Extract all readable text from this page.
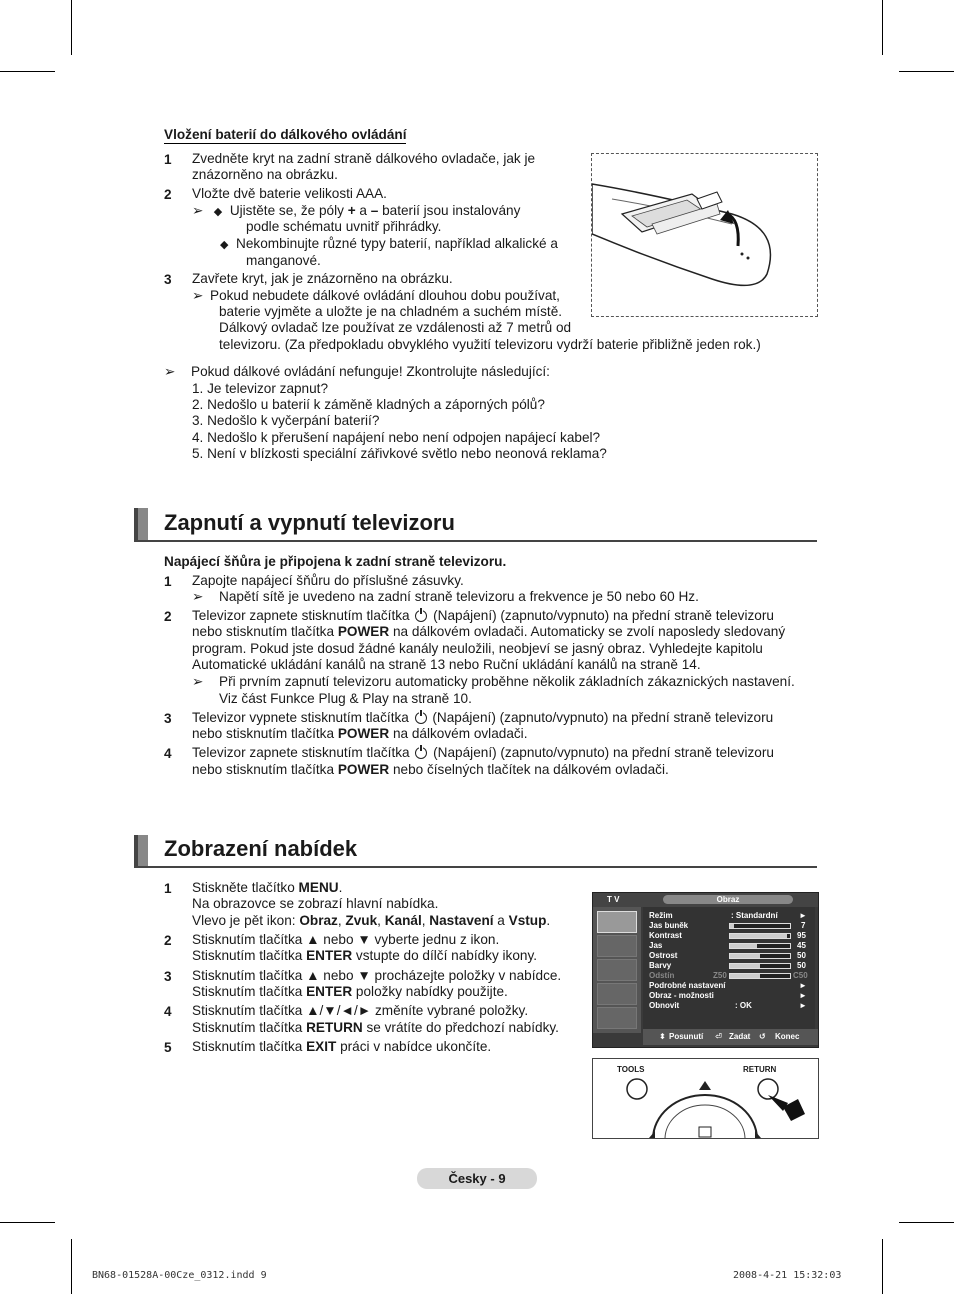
Vložení baterií do dálkového ovládání
1 Zvedněte kryt na zadní straně dálkového ovladače, jak je
znázorněno na obrázku.
2 Vložte dvě baterie velikosti AAA.
➢ ◆ Ujistěte se, že póly + a – baterií jsou instalovány
podle schématu uvnitř přihrádky.
◆ Nekombinujte různé typy baterií, například alkalické a
manganové.
3 Zavřete kryt, jak je znázorněno na obrázku.
➢ Pokud nebudete dálkové ovládání dlouhou dobu používat,
baterie vyjměte a uložte je na chladném a suchém místě.
Dálkový ovladač lze používat ze vzdálenosti až 7 metrů od
televizoru. (Za předpokladu obvyklého využití televizoru vydrží baterie přibližně jeden rok.)
➢ Pokud dálkové ovládání nefunguje! Zkontrolujte následující:
1. Je televizor zapnut?
2. Nedošlo u baterií k záměně kladných a záporných pólů?
3. Nedošlo k vyčerpání baterií?
4. Nedošlo k přerušení napájení nebo není odpojen napájecí kabel?
5. Není v blízkosti speciální zářivkové světlo nebo neonová reklama?
Zapnutí a vypnutí televizoru
Napájecí šňůra je připojena k zadní straně televizoru.
1 Zapojte napájecí šňůru do příslušné zásuvky.
➢ Napětí sítě je uvedeno na zadní straně televizoru a frekvence je 50 nebo 60 Hz.
2 Televizor zapnete stisknutím tlačítka  (Napájení) (zapnuto/vypnuto) na přední straně televizoru
nebo stisknutím tlačítka POWER na dálkovém ovladači. Automaticky se zvolí naposledy sledovaný
program. Pokud jste dosud žádné kanály neuložili, neobjeví se jasný obraz. Vyhledejte kapitolu
Automatické ukládání kanálů na straně 13 nebo Ruční ukládání kanálů na straně 14.
➢ Při prvním zapnutí televizoru automaticky proběhne několik základních zákaznických nastavení.
Viz část Funkce Plug & Play na straně 10.
3 Televizor vypnete stisknutím tlačítka  (Napájení) (zapnuto/vypnuto) na přední straně televizoru
nebo stisknutím tlačítka POWER na dálkovém ovladači.
4 Televizor zapnete stisknutím tlačítka  (Napájení) (zapnuto/vypnuto) na přední straně televizoru
nebo stisknutím tlačítka POWER nebo číselných tlačítek na dálkovém ovladači.
Zobrazení nabídek
1 Stiskněte tlačítko MENU.
Na obrazovce se zobrazí hlavní nabídka.
Vlevo je pět ikon: Obraz, Zvuk, Kanál, Nastavení a Vstup.
2 Stisknutím tlačítka ▲ nebo ▼ vyberte jednu z ikon.
Stisknutím tlačítka ENTER vstupte do dílčí nabídky ikony.
3 Stisknutím tlačítka ▲ nebo ▼ procházejte položky v nabídce.
Stisknutím tlačítka ENTER položky nabídky použijte.
4 Stisknutím tlačítka ▲/▼/◄/► změníte vybrané položky.
Stisknutím tlačítka RETURN se vrátíte do předchozí nabídky.
5 Stisknutím tlačítka EXIT práci v nabídce ukončíte.
T V	Obraz
Režim	: Standardní	►
Jas buněk	7
Kontrast	95
Jas	45
Ostrost	50
Barvy	50
Odstín	Z50	C50
Podrobné nastavení	►
Obraz - možnosti	►
Obnovit	: OK	►
⬍ Posunutí ⏎ Zadat ↺ Konec
TOOLS	RETURN
Česky - 9
BN68-01528A-00Cze_0312.indd 9	2008-4-21 15:32:03
